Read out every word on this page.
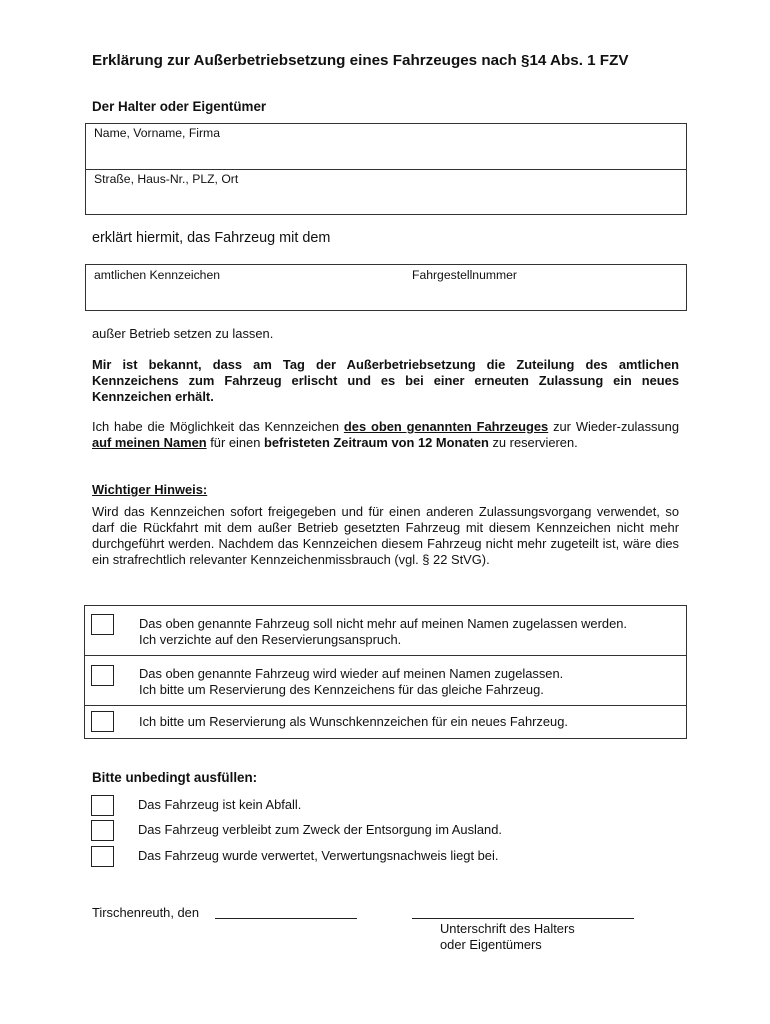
Erklärung zur Außerbetriebsetzung eines Fahrzeuges nach §14 Abs. 1 FZV
Der Halter oder Eigentümer
Name, Vorname, Firma
Straße, Haus-Nr., PLZ, Ort
erklärt hiermit, das Fahrzeug mit dem
amtlichen Kennzeichen	Fahrgestellnummer
außer Betrieb setzen zu lassen.
Mir ist bekannt, dass am Tag der Außerbetriebsetzung die Zuteilung des amtlichen Kennzeichens zum Fahrzeug erlischt und es bei einer erneuten Zulassung ein neues Kennzeichen erhält.
Ich habe die Möglichkeit das Kennzeichen des oben genannten Fahrzeuges zur Wieder-zulassung auf meinen Namen für einen befristeten Zeitraum von 12 Monaten zu reservieren.
Wichtiger Hinweis:
Wird das Kennzeichen sofort freigegeben und für einen anderen Zulassungsvorgang verwendet, so darf die Rückfahrt mit dem außer Betrieb gesetzten Fahrzeug mit diesem Kennzeichen nicht mehr durchgeführt werden. Nachdem das Kennzeichen diesem Fahrzeug nicht mehr zugeteilt ist, wäre dies ein strafrechtlich relevanter Kennzeichenmissbrauch (vgl. § 22 StVG).
Das oben genannte Fahrzeug soll nicht mehr auf meinen Namen zugelassen werden.
Ich verzichte auf den Reservierungsanspruch.
Das oben genannte Fahrzeug wird wieder auf meinen Namen zugelassen.
Ich bitte um Reservierung des Kennzeichens für das gleiche Fahrzeug.
Ich bitte um Reservierung als Wunschkennzeichen für ein neues Fahrzeug.
Bitte unbedingt ausfüllen:
Das Fahrzeug ist kein Abfall.
Das Fahrzeug verbleibt zum Zweck der Entsorgung im Ausland.
Das Fahrzeug wurde verwertet, Verwertungsnachweis liegt bei.
Tirschenreuth, den
Unterschrift des Halters
oder Eigentümers
